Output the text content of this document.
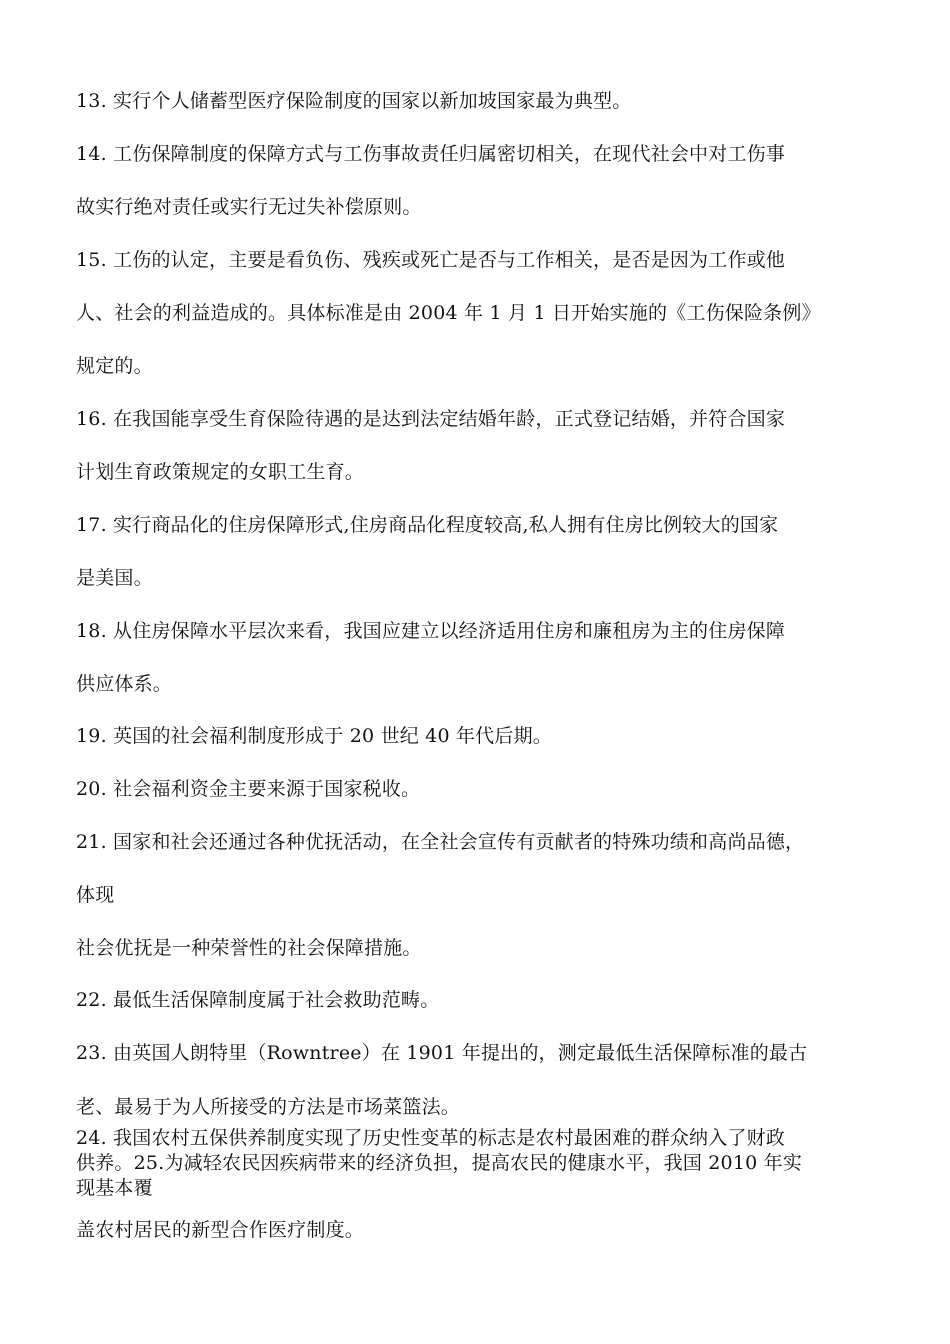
13. 实行个人储蓄型医疗保险制度的国家以新加坡国家最为典型。
14. 工伤保障制度的保障方式与工伤事故责任归属密切相关，在现代社会中对工伤事
故实行绝对责任或实行无过失补偿原则。
15. 工伤的认定，主要是看负伤、残疾或死亡是否与工作相关，是否是因为工作或他
人、社会的利益造成的。具体标准是由 2004 年 1 月 1 日开始实施的《工伤保险条例》
规定的。
16. 在我国能享受生育保险待遇的是达到法定结婚年龄，正式登记结婚，并符合国家
计划生育政策规定的女职工生育。
17. 实行商品化的住房保障形式,住房商品化程度较高,私人拥有住房比例较大的国家
是美国。
18. 从住房保障水平层次来看，我国应建立以经济适用住房和廉租房为主的住房保障
供应体系。
19. 英国的社会福利制度形成于 20 世纪 40 年代后期。
20. 社会福利资金主要来源于国家税收。
21. 国家和社会还通过各种优抚活动，在全社会宣传有贡献者的特殊功绩和高尚品德，
体现
社会优抚是一种荣誉性的社会保障措施。
22. 最低生活保障制度属于社会救助范畴。
23. 由英国人朗特里（Rowntree）在 1901 年提出的，测定最低生活保障标准的最古
老、最易于为人所接受的方法是市场菜篮法。
24. 我国农村五保供养制度实现了历史性变革的标志是农村最困难的群众纳入了财政
供养。25.为减轻农民因疾病带来的经济负担，提高农民的健康水平，我国 2010 年实
现基本覆
盖农村居民的新型合作医疗制度。
